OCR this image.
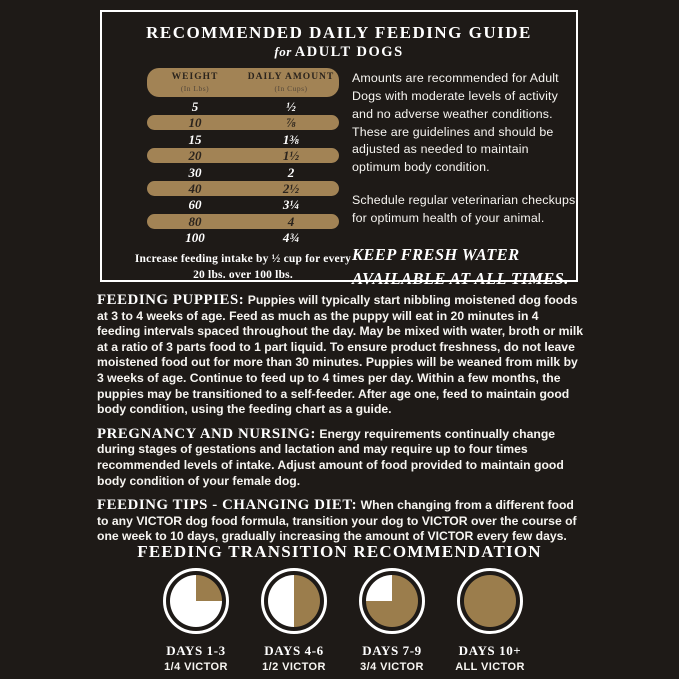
RECOMMENDED DAILY FEEDING GUIDE
for ADULT DOGS
WEIGHT
(In Lbs)
DAILY AMOUNT
(In Cups)
5	½
10	⅞
15	1⅜
20	1½
30	2
40	2½
60	3¼
80	4
100	4¾
Increase feeding intake by ½ cup for every 20 lbs. over 100 lbs.

Amounts are recommended for Adult Dogs with moderate levels of activity and no adverse weather conditions. These are guidelines and should be adjusted as needed to maintain optimum body condition.

Schedule regular veterinarian checkups for optimum health of your animal.

KEEP FRESH WATER AVAILABLE AT ALL TIMES.

FEEDING PUPPIES: Puppies will typically start nibbling moistened dog foods at 3 to 4 weeks of age. Feed as much as the puppy will eat in 20 minutes in 4 feeding intervals spaced throughout the day. May be mixed with water, broth or milk at a ratio of 3 parts food to 1 part liquid. To ensure product freshness, do not leave moistened food out for more than 30 minutes. Puppies will be weaned from milk by 3 weeks of age. Continue to feed up to 4 times per day. Within a few months, the puppies may be transitioned to a self-feeder. After age one, feed to maintain good body condition, using the feeding chart as a guide.

PREGNANCY AND NURSING: Energy requirements continually change during stages of gestations and lactation and may require up to four times recommended levels of intake. Adjust amount of food provided to maintain good body condition of your female dog.

FEEDING TIPS - CHANGING DIET: When changing from a different food to any VICTOR dog food formula, transition your dog to VICTOR over the course of one week to 10 days, gradually increasing the amount of VICTOR every few days.

FEEDING TRANSITION RECOMMENDATION
DAYS 1-3
1/4 VICTOR
DAYS 4-6
1/2 VICTOR
DAYS 7-9
3/4 VICTOR
DAYS 10+
ALL VICTOR
